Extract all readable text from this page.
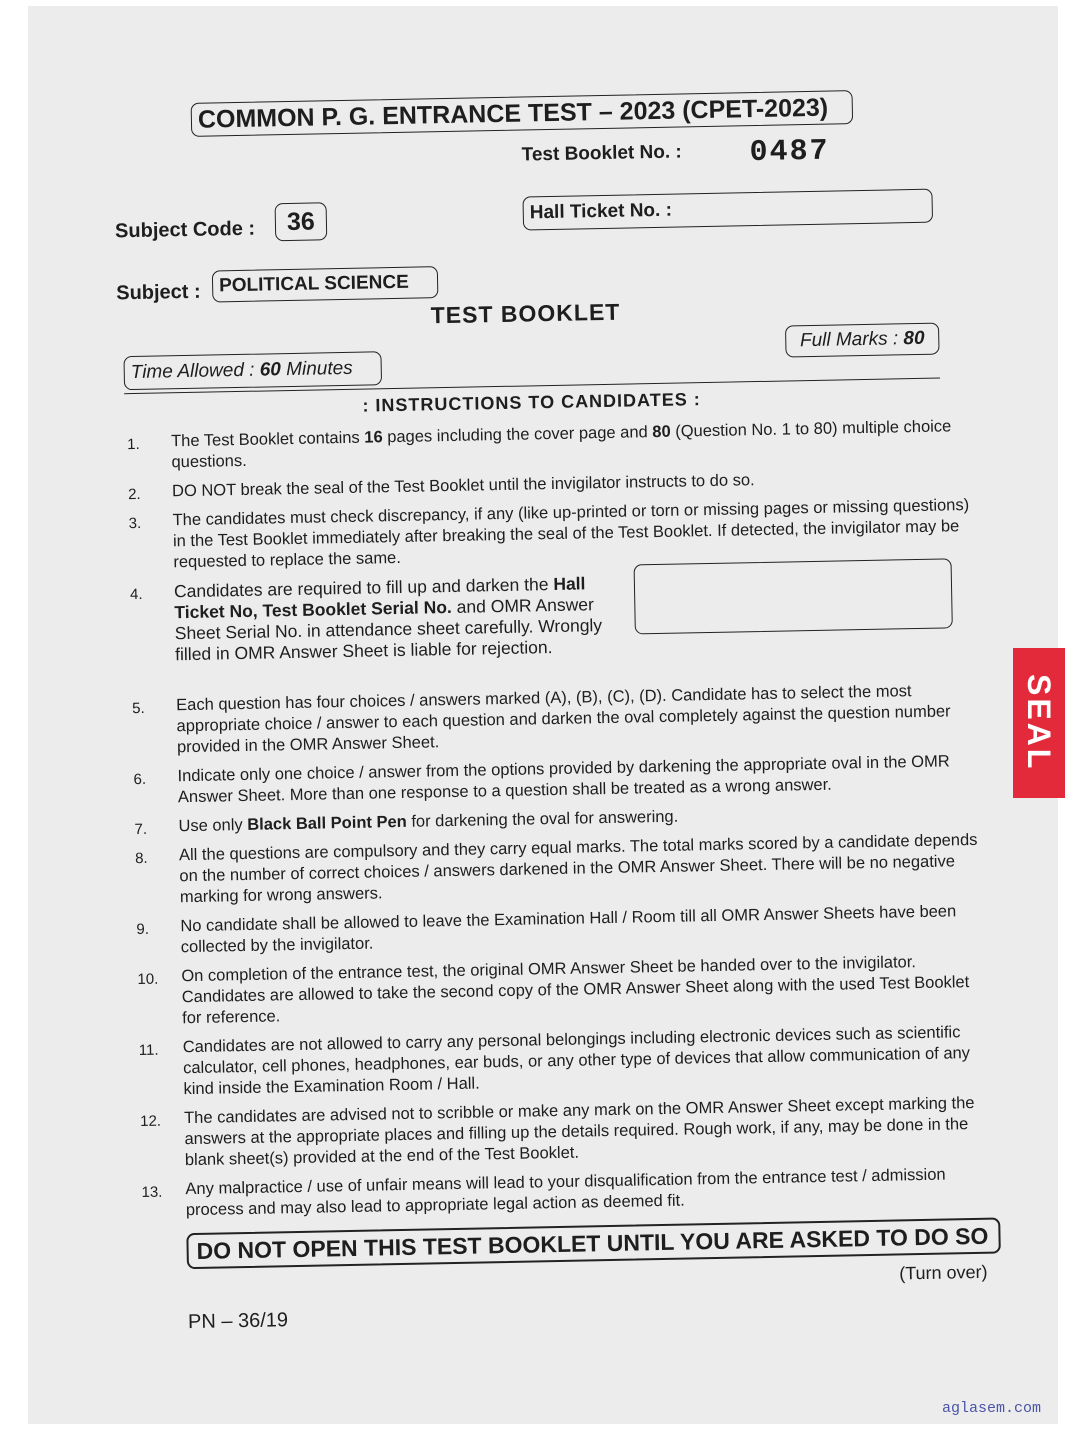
COMMON P. G. ENTRANCE TEST – 2023 (CPET-2023)
Test Booklet No. : 0487
Subject Code :	36	Hall Ticket No. :
Subject : POLITICAL SCIENCE
TEST BOOKLET
Full Marks : 80
Time Allowed : 60 Minutes
: INSTRUCTIONS TO CANDIDATES :
1. The Test Booklet contains 16 pages including the cover page and 80 (Question No. 1 to 80) multiple choice questions.
2. DO NOT break the seal of the Test Booklet until the invigilator instructs to do so.
3. The candidates must check discrepancy, if any (like up-printed or torn or missing pages or missing questions) in the Test Booklet immediately after breaking the seal of the Test Booklet. If detected, the invigilator may be requested to replace the same.
4. Candidates are required to fill up and darken the Hall Ticket No, Test Booklet Serial No. and OMR Answer Sheet Serial No. in attendance sheet carefully. Wrongly filled in OMR Answer Sheet is liable for rejection.
5. Each question has four choices / answers marked (A), (B), (C), (D). Candidate has to select the most appropriate choice / answer to each question and darken the oval completely against the question number provided in the OMR Answer Sheet.
6. Indicate only one choice / answer from the options provided by darkening the appropriate oval in the OMR Answer Sheet. More than one response to a question shall be treated as a wrong answer.
7. Use only Black Ball Point Pen for darkening the oval for answering.
8. All the questions are compulsory and they carry equal marks. The total marks scored by a candidate depends on the number of correct choices / answers darkened in the OMR Answer Sheet. There will be no negative marking for wrong answers.
9. No candidate shall be allowed to leave the Examination Hall / Room till all OMR Answer Sheets have been collected by the invigilator.
10. On completion of the entrance test, the original OMR Answer Sheet be handed over to the invigilator. Candidates are allowed to take the second copy of the OMR Answer Sheet along with the used Test Booklet for reference.
11. Candidates are not allowed to carry any personal belongings including electronic devices such as scientific calculator, cell phones, headphones, ear buds, or any other type of devices that allow communication of any kind inside the Examination Room / Hall.
12. The candidates are advised not to scribble or make any mark on the OMR Answer Sheet except marking the answers at the appropriate places and filling up the details required. Rough work, if any, may be done in the blank sheet(s) provided at the end of the Test Booklet.
13. Any malpractice / use of unfair means will lead to your disqualification from the entrance test / admission process and may also lead to appropriate legal action as deemed fit.
DO NOT OPEN THIS TEST BOOKLET UNTIL YOU ARE ASKED TO DO SO
(Turn over)
PN – 36/19
SEAL
aglasem.com
